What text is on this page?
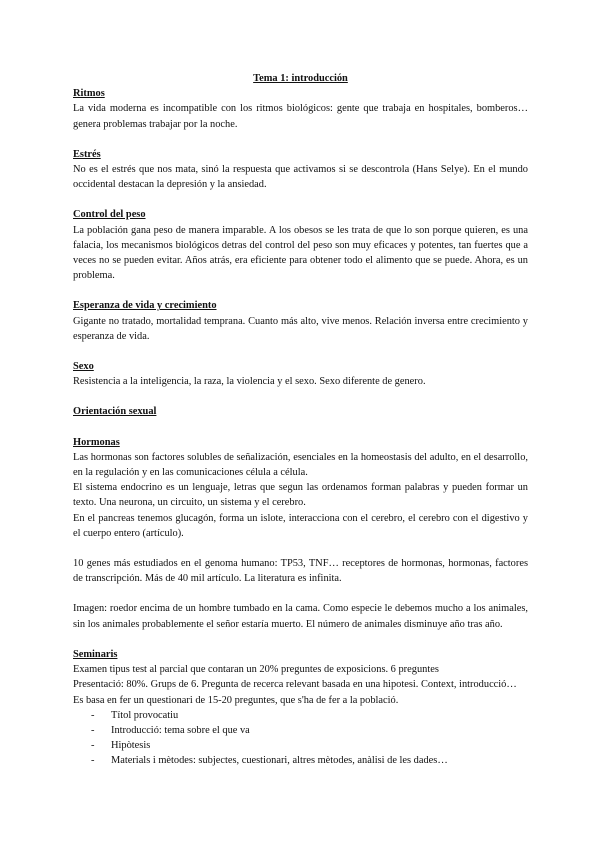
Tema 1: introducción

Ritmos

La vida moderna es incompatible con los ritmos biológicos: gente que trabaja en hospitales, bomberos… genera problemas trabajar por la noche.

Estrés

No es el estrés que nos mata, sinó la respuesta que activamos si se descontrola (Hans Selye). En el mundo occidental destacan la depresión y la ansiedad.

Control del peso

La población gana peso de manera imparable. A los obesos se les trata de que lo son porque quieren, es una falacia, los mecanismos biológicos detras del control del peso son muy eficaces y potentes, tan fuertes que a veces no se pueden evitar. Años atrás, era eficiente para obtener todo el alimento que se puede. Ahora, es un problema.

Esperanza de vida y crecimiento

Gigante no tratado, mortalidad temprana. Cuanto más alto, vive menos. Relación inversa entre crecimiento y esperanza de vida.

Sexo

Resistencia a la inteligencia, la raza, la violencia y el sexo. Sexo diferente de genero.

Orientación sexual
Hormonas

Las hormonas son factores solubles de señalización, esenciales en la homeostasis del adulto, en el desarrollo, en la regulación y en las comunicaciones célula a célula.

El sistema endocrino es un lenguaje, letras que segun las ordenamos forman palabras y pueden formar un texto. Una neurona, un circuito, un sistema y el cerebro.

En el pancreas tenemos glucagón, forma un islote, interacciona con el cerebro, el cerebro con el digestivo y el cuerpo entero (artículo).

10 genes más estudiados en el genoma humano: TP53, TNF… receptores de hormonas, hormonas, factores de transcripción. Más de 40 mil artículo. La literatura es infinita.

Imagen: roedor encima de un hombre tumbado en la cama. Como especie le debemos mucho a los animales, sin los animales probablemente el señor estaría muerto. El número de animales disminuye año tras año.

Seminaris

Examen tipus test al parcial que contaran un 20% preguntes de exposicions. 6 preguntes

Presentació: 80%. Grups de 6. Pregunta de recerca relevant basada en una hipotesi. Context, introducció…

Es basa en fer un questionari de 15-20 preguntes, que s'ha de fer a la població.

- Títol provocatiu
- Introducció: tema sobre el que va
- Hipòtesis
- Materials i mètodes: subjectes, cuestionari, altres mètodes, anàlisi de les dades…
